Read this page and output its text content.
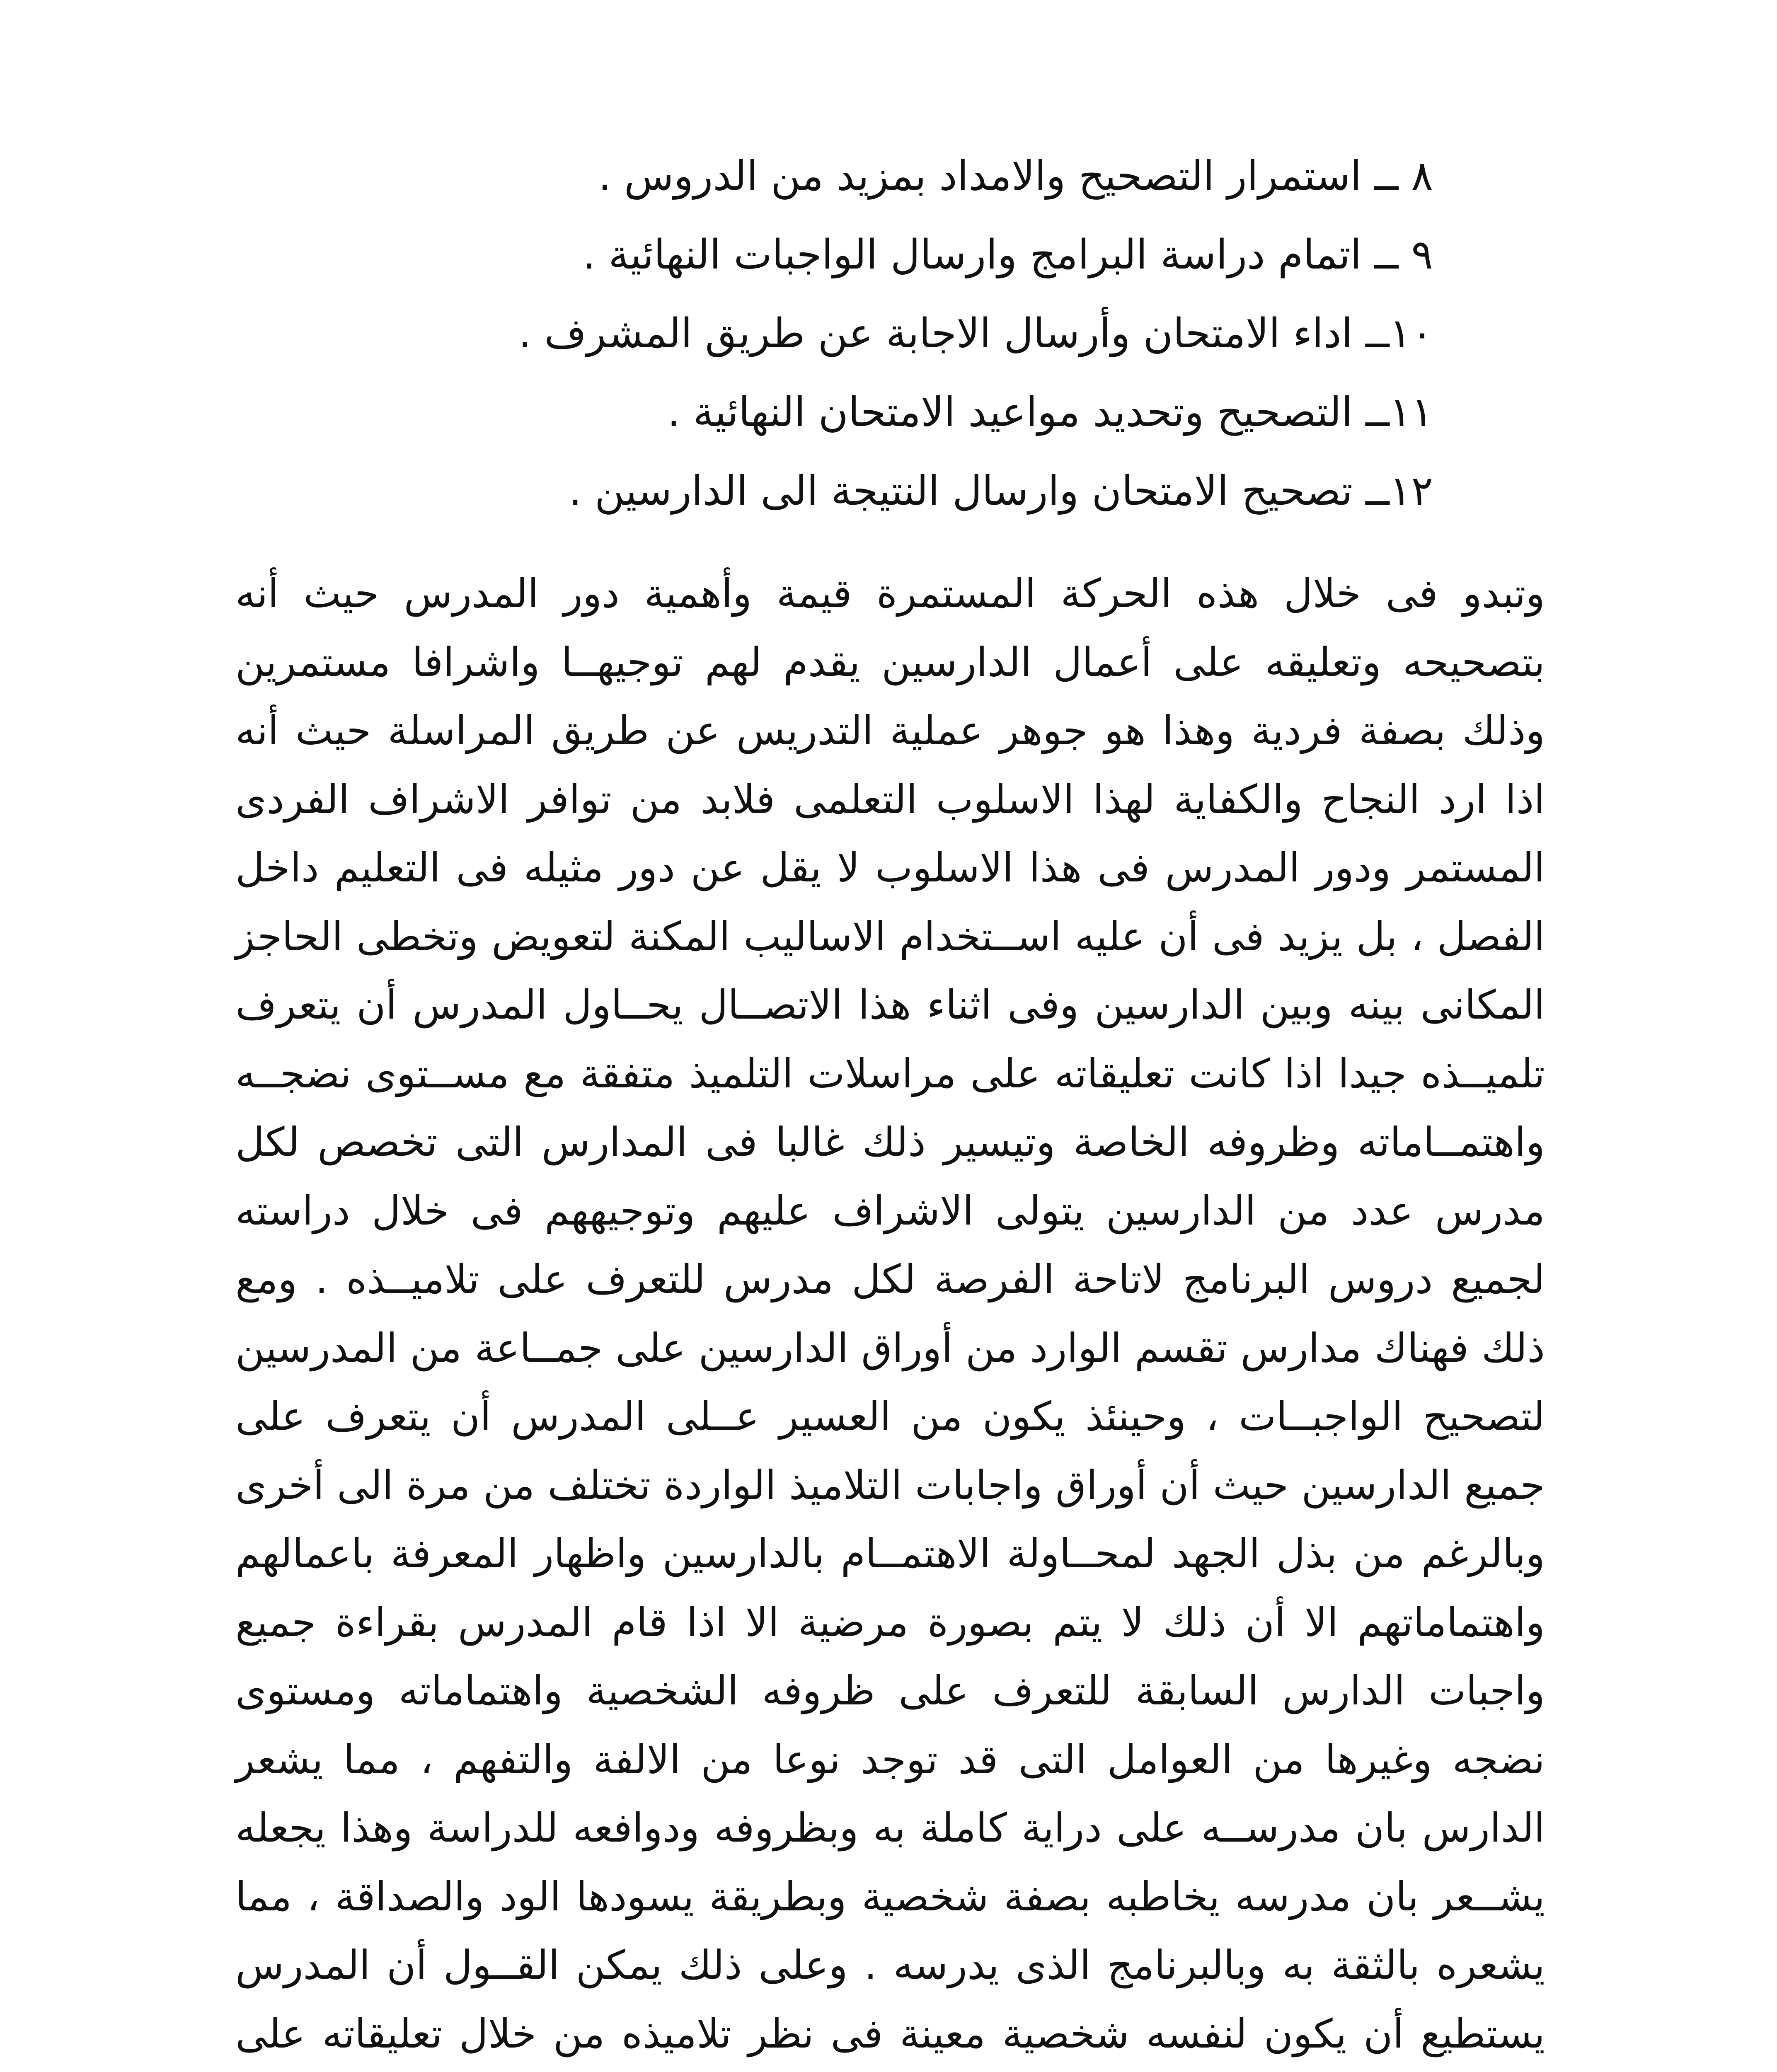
٨ ــ استمرار التصحيح والامداد بمزيد من الدروس .
٩ ــ اتمام دراسة البرامج وارسال الواجبات النهائية .
١٠ــ اداء الامتحان وأرسال الاجابة عن طريق المشرف .
١١ــ التصحيح وتحديد مواعيد الامتحان النهائية .
١٢ــ تصحيح الامتحان وارسال النتيجة الى الدارسين .

وتبدو فى خلال هذه الحركة المستمرة قيمة وأهمية دور المدرس حيث أنه بتصحيحه وتعليقه على أعمال الدارسين يقدم لهم توجيهــا واشرافا مستمرين وذلك بصفة فردية وهذا هو جوهر عملية التدريس عن طريق المراسلة حيث أنه اذا ارد النجاح والكفاية لهذا الاسلوب التعلمى فلابد من توافر الاشراف الفردى المستمر ودور المدرس فى هذا الاسلوب لا يقل عن دور مثيله فى التعليم داخل الفصل ، بل يزيد فى أن عليه اســتخدام الاساليب المكنة لتعويض وتخطى الحاجز المكانى بينه وبين الدارسين وفى اثناء هذا الاتصــال يحــاول المدرس أن يتعرف تلميــذه جيدا اذا كانت تعليقاته على مراسلات التلميذ متفقة مع مســتوى نضجــه واهتمــاماته وظروفه الخاصة وتيسير ذلك غالبا فى المدارس التى تخصص لكل مدرس عدد من الدارسين يتولى الاشراف عليهم وتوجيههم فى خلال دراسته لجميع دروس البرنامج لاتاحة الفرصة لكل مدرس للتعرف على تلاميــذه . ومع ذلك فهناك مدارس تقسم الوارد من أوراق الدارسين على جمــاعة من المدرسين لتصحيح الواجبــات ، وحينئذ يكون من العسير عــلى المدرس أن يتعرف على جميع الدارسين حيث أن أوراق واجابات التلاميذ الواردة تختلف من مرة الى أخرى وبالرغم من بذل الجهد لمحــاولة الاهتمــام بالدارسين واظهار المعرفة باعمالهم واهتماماتهم الا أن ذلك لا يتم بصورة مرضية الا اذا قام المدرس بقراءة جميع واجبات الدارس السابقة للتعرف على ظروفه الشخصية واهتماماته ومستوى نضجه وغيرها من العوامل التى قد توجد نوعا من الالفة والتفهم ، مما يشعر الدارس بان مدرســه على دراية كاملة به وبظروفه ودوافعه للدراسة وهذا يجعله يشــعر بان مدرسه يخاطبه بصفة شخصية وبطريقة يسودها الود والصداقة ، مما يشعره بالثقة به وبالبرنامج الذى يدرسه . وعلى ذلك يمكن القــول أن المدرس يستطيع أن يكون لنفسه شخصية معينة فى نظر تلاميذه من خلال تعليقاته على
